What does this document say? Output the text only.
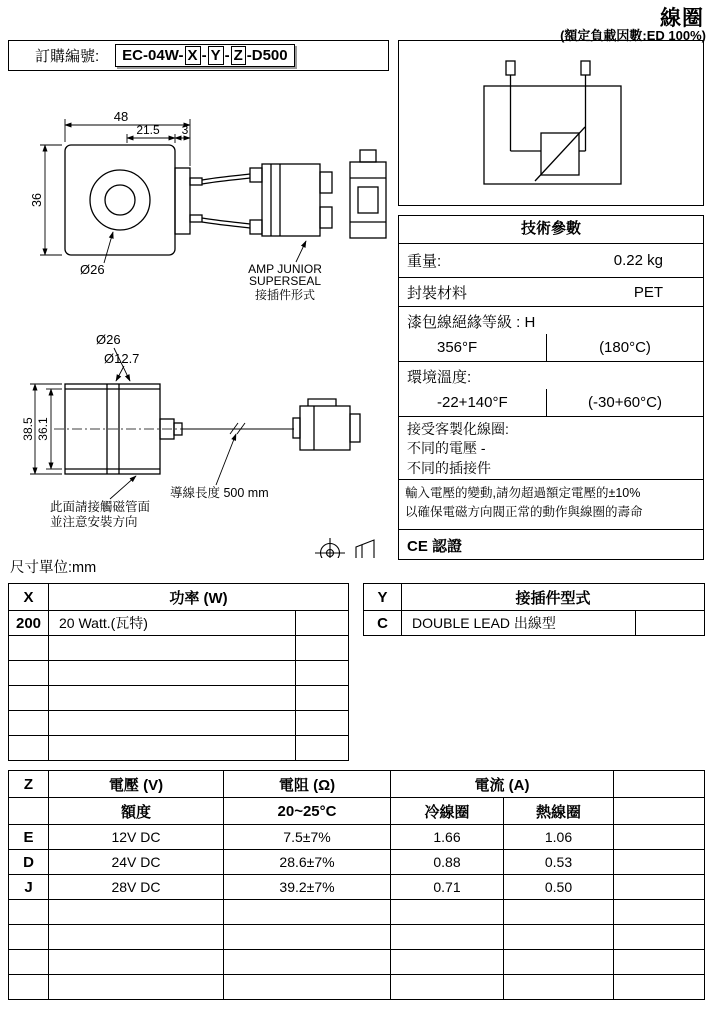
線圈
(額定負載因數:ED 100%)
訂購編號: EC-04W- X - Y - Z -D500
48
21.5 3
36
Ø26	AMP JUNIOR
SUPERSEAL
接插件形式
Ø26
Ø12.7
38.5 36.1
導線長度 500 mm
此面請接觸磁管面
並注意安裝方向
尺寸單位:mm
技術參數
重量:	0.22 kg
封裝材料	PET
漆包線絕緣等級 : H
356°F	(180°C)
環境溫度:
-22+140°F	(-30+60°C)
接受客製化線圈:
不同的電壓 -
不同的插接件
輸入電壓的變動,請勿超過額定電壓的±10%
以確保電磁方向閥正常的動作與線圈的壽命
CE 認證
X	功率 (W)	
200	20 Watt.(瓦特)	

Y	接插件型式	
C	DOUBLE LEAD 出線型	
Z	電壓 (V)	電阻 (Ω)	電流 (A)		
	額度	20~25°C	冷線圈	熱線圈	
E	12V DC	7.5±7%	1.66	1.06	
D	24V DC	28.6±7%	0.88	0.53	
J	28V DC	39.2±7%	0.71	0.50	
